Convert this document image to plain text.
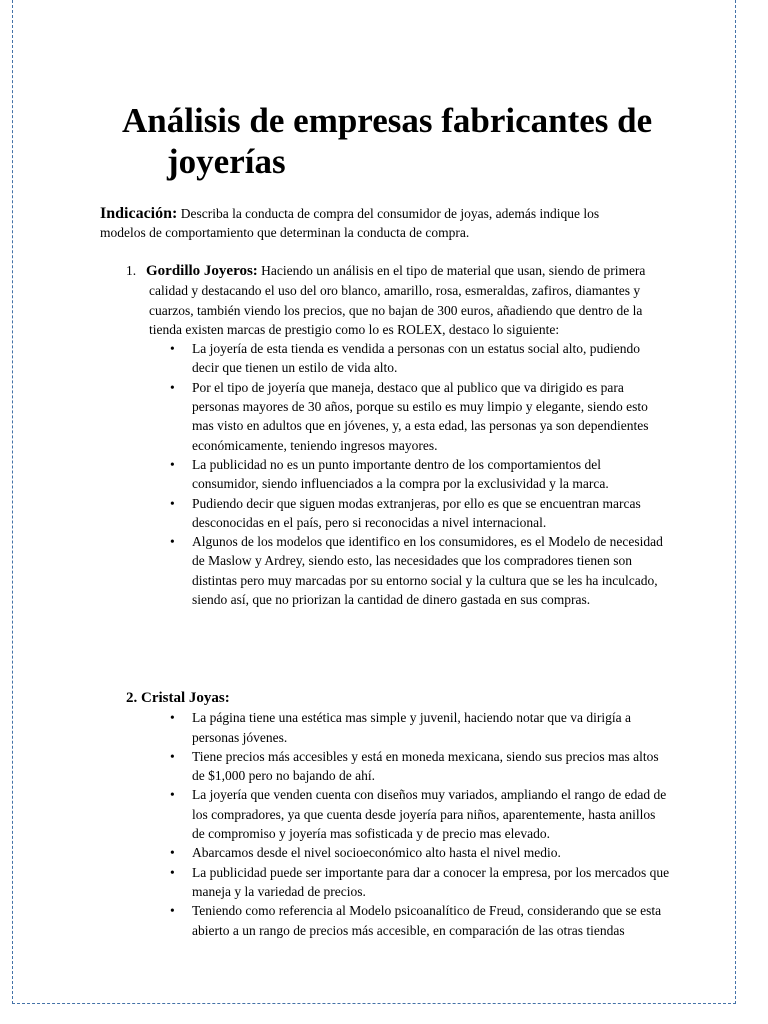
Análisis de empresas fabricantes de
joyerías

Indicación: Describa la conducta de compra del consumidor de joyas, además indique los modelos de comportamiento que determinan la conducta de compra.

1. Gordillo Joyeros: Haciendo un análisis en el tipo de material que usan, siendo de primera calidad y destacando el uso del oro blanco, amarillo, rosa, esmeraldas, zafiros, diamantes y cuarzos, también viendo los precios, que no bajan de 300 euros, añadiendo que dentro de la tienda existen marcas de prestigio como lo es ROLEX, destaco lo siguiente:

• La joyería de esta tienda es vendida a personas con un estatus social alto, pudiendo decir que tienen un estilo de vida alto.
• Por el tipo de joyería que maneja, destaco que al publico que va dirigido es para personas mayores de 30 años, porque su estilo es muy limpio y elegante, siendo esto mas visto en adultos que en jóvenes, y, a esta edad, las personas ya son dependientes económicamente, teniendo ingresos mayores.
• La publicidad no es un punto importante dentro de los comportamientos del consumidor, siendo influenciados a la compra por la exclusividad y la marca.
• Pudiendo decir que siguen modas extranjeras, por ello es que se encuentran marcas desconocidas en el país, pero si reconocidas a nivel internacional.
• Algunos de los modelos que identifico en los consumidores, es el Modelo de necesidad de Maslow y Ardrey, siendo esto, las necesidades que los compradores tienen son distintas pero muy marcadas por su entorno social y la cultura que se les ha inculcado, siendo así, que no priorizan la cantidad de dinero gastada en sus compras.

2. Cristal Joyas:

• La página tiene una estética mas simple y juvenil, haciendo notar que va dirigía a personas jóvenes.
• Tiene precios más accesibles y está en moneda mexicana, siendo sus precios mas altos de $1,000 pero no bajando de ahí.
• La joyería que venden cuenta con diseños muy variados, ampliando el rango de edad de los compradores, ya que cuenta desde joyería para niños, aparentemente, hasta anillos de compromiso y joyería mas sofisticada y de precio mas elevado.
• Abarcamos desde el nivel socioeconómico alto hasta el nivel medio.
• La publicidad puede ser importante para dar a conocer la empresa, por los mercados que maneja y la variedad de precios.
• Teniendo como referencia al Modelo psicoanalítico de Freud, considerando que se esta abierto a un rango de precios más accesible, en comparación de las otras tiendas
